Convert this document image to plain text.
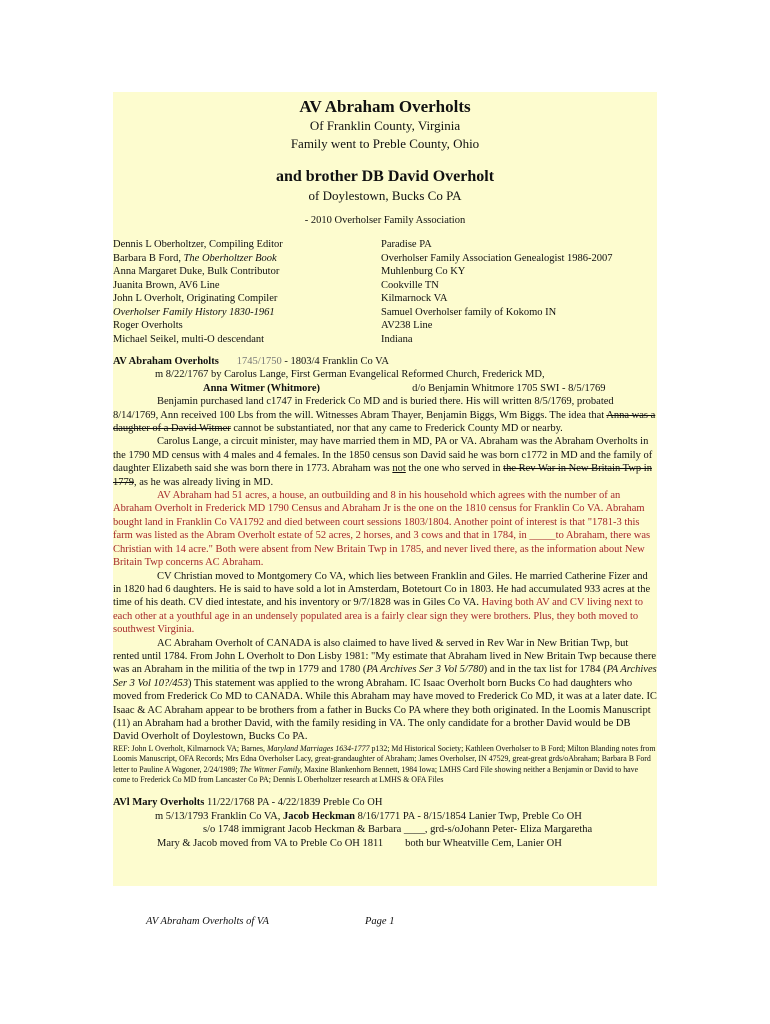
AV Abraham Overholts
Of Franklin County, Virginia
Family went to Preble County, Ohio
and brother DB David Overholt
of Doylestown, Bucks Co PA
- 2010 Overholser Family Association
Dennis L Oberholtzer, Compiling Editor
Barbara B Ford, The Oberholtzer Book
Anna Margaret Duke, Bulk Contributor
Juanita Brown, AV6 Line
John L Overholt, Originating Compiler
Overholser Family History 1830-1961
Roger Overholts
Michael Seikel, multi-O descendant
Paradise PA
Overholser Family Association Genealogist 1986-2007
Muhlenburg Co KY
Cookville TN
Kilmarnock VA
Samuel Overholser family of Kokomo IN
AV238 Line
Indiana

AV Abraham Overholts 1745/1750 - 1803/4 Franklin Co VA

m 8/22/1767 by Carolus Lange, First German Evangelical Reformed Church, Frederick MD,

Anna Witmer (Whitmore)	d/o Benjamin Whitmore 1705 SWI - 8/5/1769

Benjamin purchased land c1747 in Frederick Co MD and is buried there. His will written 8/5/1769, probated 8/14/1769, Ann received 100 Lbs from the will. Witnesses Abram Thayer, Benjamin Biggs, Wm Biggs. The idea that Anna was a daughter of a David Witmer cannot be substantiated, nor that any came to Frederick County MD or nearby.

Carolus Lange, a circuit minister, may have married them in MD, PA or VA. Abraham was the Abraham Overholts in the 1790 MD census with 4 males and 4 females. In the 1850 census son David said he was born c1772 in MD and the family of daughter Elizabeth said she was born there in 1773. Abraham was not the one who served in the Rev War in New Britain Twp in 1779, as he was already living in MD.

AV Abraham had 51 acres, a house, an outbuilding and 8 in his household which agrees with the number of an Abraham Overholt in Frederick MD 1790 Census and Abraham Jr is the one on the 1810 census for Franklin Co VA. Abraham bought land in Franklin Co VA1792 and died between court sessions 1803/1804. Another point of interest is that "1781-3 this farm was listed as the Abram Overholt estate of 52 acres, 2 horses, and 3 cows and that in 1784, in _____to Abraham, there was Christian with 14 acre." Both were absent from New Britain Twp in 1785, and never lived there, as the information about New Britain Twp concerns AC Abraham.

CV Christian moved to Montgomery Co VA, which lies between Franklin and Giles. He married Catherine Fizer and in 1820 had 6 daughters. He is said to have sold a lot in Amsterdam, Botetourt Co in 1803. He had accumulated 933 acres at the time of his death. CV died intestate, and his inventory or 9/7/1828 was in Giles Co VA. Having both AV and CV living next to each other at a youthful age in an undensely populated area is a fairly clear sign they were brothers. Plus, they both moved to southwest Virginia.

AC Abraham Overholt of CANADA is also claimed to have lived & served in Rev War in New Britian Twp, but rented until 1784. From John L Overholt to Don Lisby 1981: "My estimate that Abraham lived in New Britain Twp because there was an Abraham in the militia of the twp in 1779 and 1780 (PA Archives Ser 3 Vol 5/780) and in the tax list for 1784 (PA Archives Ser 3 Vol 10?/453) This statement was applied to the wrong Abraham. IC Isaac Overholt born Bucks Co had daughters who moved from Frederick Co MD to CANADA. While this Abraham may have moved to Frederick Co MD, it was at a later date. IC Isaac & AC Abraham appear to be brothers from a father in Bucks Co PA where they both originated. In the Loomis Manuscript (11) an Abraham had a brother David, with the family residing in VA. The only candidate for a brother David would be DB David Overholt of Doylestown, Bucks Co PA.

REF: John L Overholt, Kilmarnock VA; Barnes, Maryland Marriages 1634-1777 p132; Md Historical Society; Kathleen Overholser to B Ford; Milton Blanding notes from Loomis Manuscript, OFA Records; Mrs Edna Overholser Lacy, great-grandaughter of Abraham; James Overholser, IN 47529, great-great grds/oAbraham; Barbara B Ford letter to Pauline A Wagoner, 2/24/1989; The Witmer Family, Maxine Blankenhorn Bennett, 1984 Iowa; LMHS Card File showing neither a Benjamin or David to have come to Frederick Co MD from Lancaster Co PA; Dennis L Oberholtzer research at LMHS & OFA Files

AVl Mary Overholts 11/22/1768 PA - 4/22/1839 Preble Co OH

m 5/13/1793 Franklin Co VA, Jacob Heckman 8/16/1771 PA - 8/15/1854 Lanier Twp, Preble Co OH

s/o 1748 immigrant Jacob Heckman & Barbara ____, grd-s/oJohann Peter- Eliza Margaretha

Mary & Jacob moved from VA to Preble Co OH 1811 both bur Wheatville Cem, Lanier OH

AV Abraham Overholts of VA	Page 1
